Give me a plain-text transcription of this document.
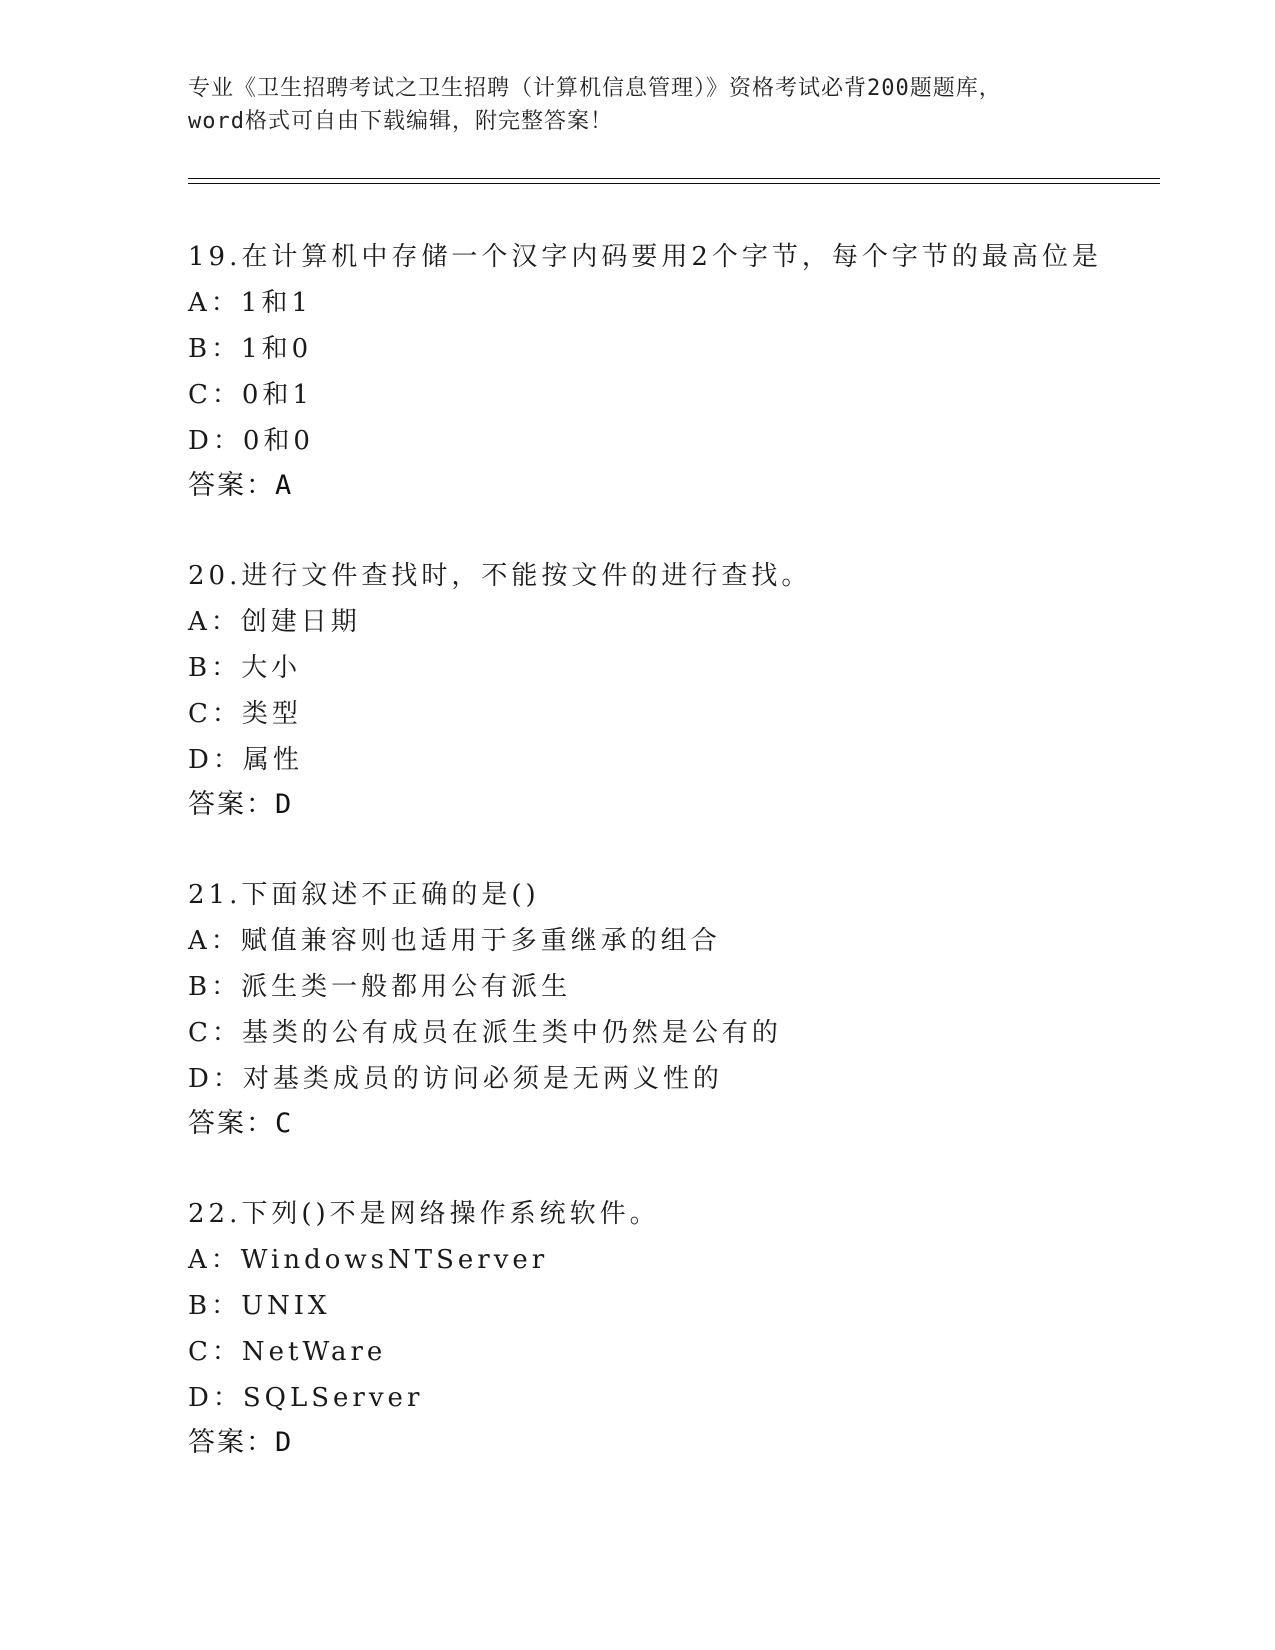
专业《卫生招聘考试之卫生招聘（计算机信息管理）》资格考试必背200题题库，
word格式可自由下载编辑，附完整答案！
19.在计算机中存储一个汉字内码要用2个字节，每个字节的最高位是
A：1和1
B：1和0
C：0和1
D：0和0
答案：A
20.进行文件查找时，不能按文件的进行查找。
A：创建日期
B：大小
C：类型
D：属性
答案：D
21.下面叙述不正确的是()
A：赋值兼容则也适用于多重继承的组合
B：派生类一般都用公有派生
C：基类的公有成员在派生类中仍然是公有的
D：对基类成员的访问必须是无两义性的
答案：C
22.下列()不是网络操作系统软件。
A：WindowsNTServer
B：UNIX
C：NetWare
D：SQLServer
答案：D
